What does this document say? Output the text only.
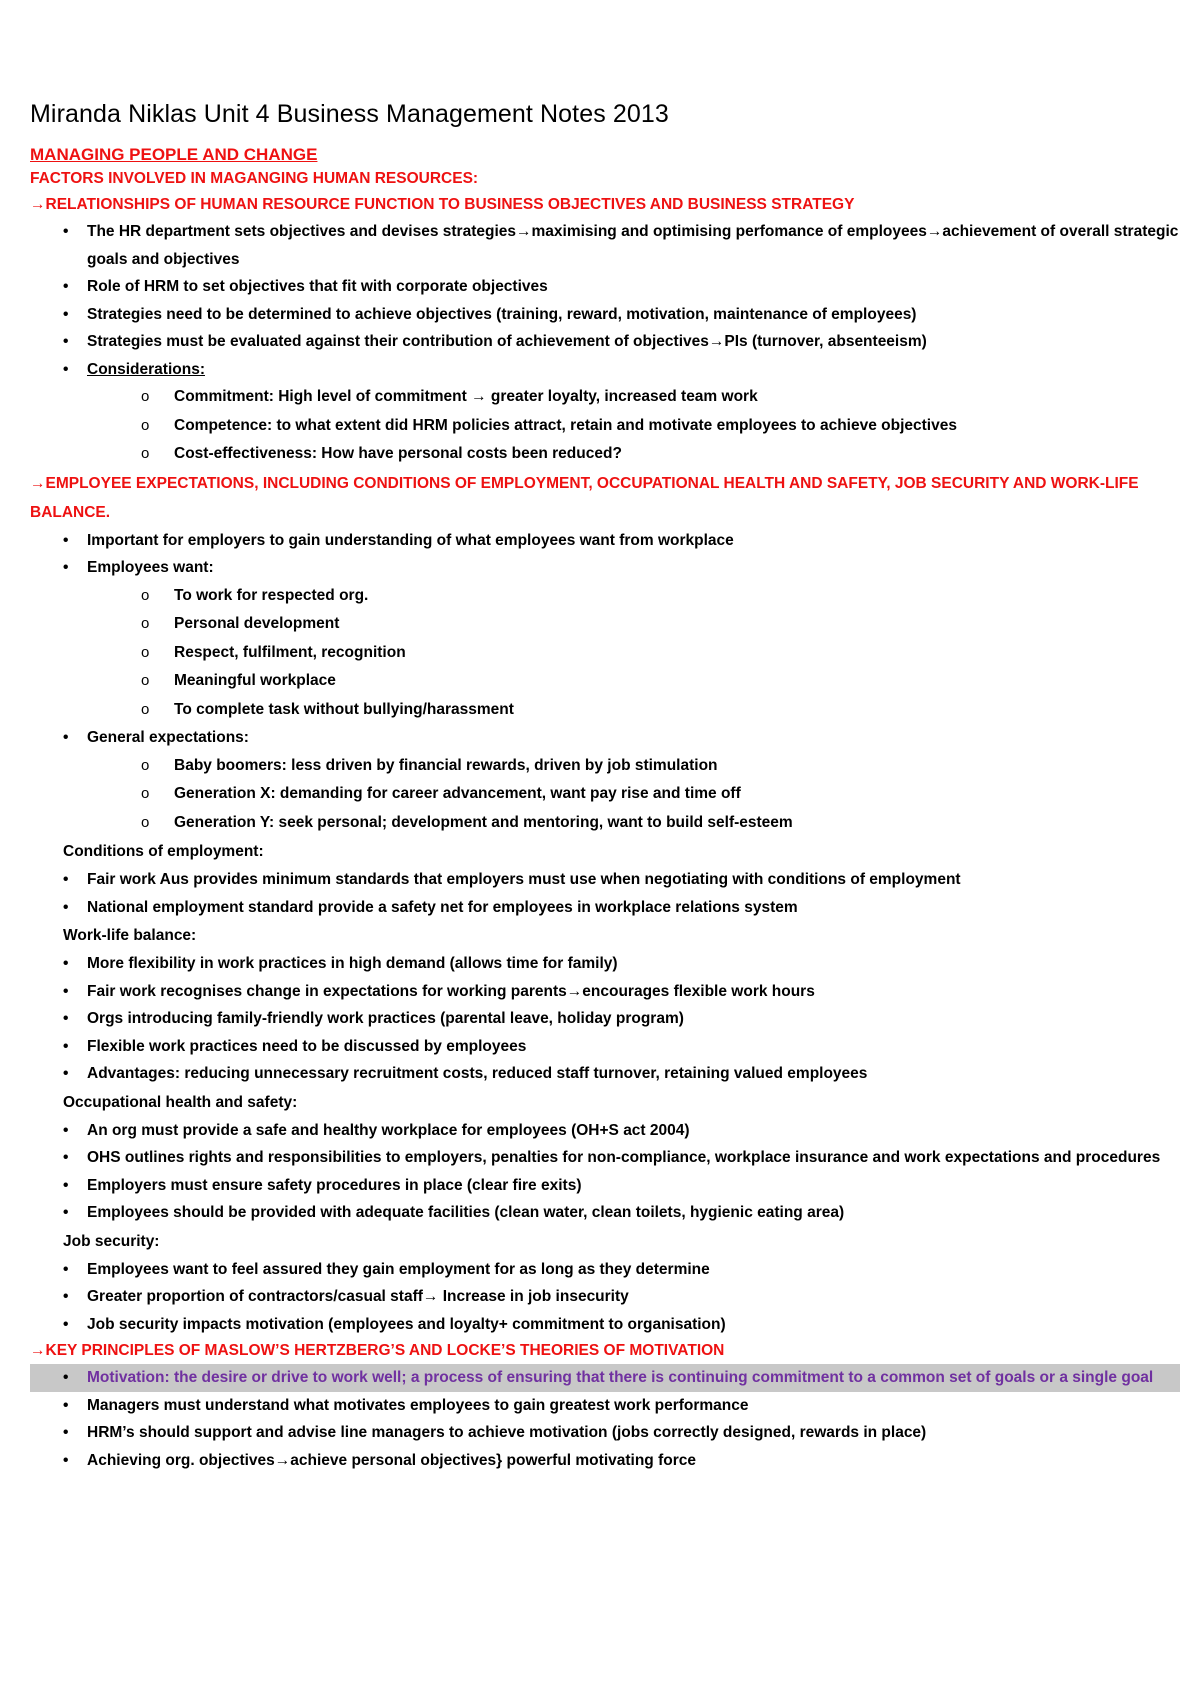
Miranda Niklas Unit 4 Business Management Notes 2013
MANAGING PEOPLE AND CHANGE
FACTORS INVOLVED IN MAGANGING HUMAN RESOURCES:
→RELATIONSHIPS OF HUMAN RESOURCE FUNCTION TO BUSINESS OBJECTIVES AND BUSINESS STRATEGY
•	The HR department sets objectives and devises strategies→maximising and optimising perfomance of employees→achievement of overall strategic goals and objectives
•	Role of HRM to set objectives that fit with corporate objectives
•	Strategies need to be determined to achieve objectives (training, reward, motivation, maintenance of employees)
•	Strategies must be evaluated against their contribution of achievement of objectives→PIs (turnover, absenteeism)
•	Considerations:
o Commitment: High level of commitment → greater loyalty, increased team work
o Competence: to what extent did HRM policies attract, retain and motivate employees to achieve objectives
o Cost-effectiveness: How have personal costs been reduced?
→EMPLOYEE EXPECTATIONS, INCLUDING CONDITIONS OF EMPLOYMENT, OCCUPATIONAL HEALTH AND SAFETY, JOB SECURITY AND WORK-LIFE BALANCE.
•	Important for employers to gain understanding of what employees want from workplace
•	Employees want:
o To work for respected org.
o Personal development
o Respect, fulfilment, recognition
o Meaningful workplace
o To complete task without bullying/harassment
•	General expectations:
o Baby boomers: less driven by financial rewards, driven by job stimulation
o Generation X: demanding for career advancement, want pay rise and time off
o Generation Y: seek personal; development and mentoring, want to build self-esteem
Conditions of employment:
•	Fair work Aus provides minimum standards that employers must use when negotiating with conditions of employment
•	National employment standard provide a safety net for employees in workplace relations system
Work-life balance:
•	More flexibility in work practices in high demand (allows time for family)
•	Fair work recognises change in expectations for working parents→encourages flexible work hours
•	Orgs introducing family-friendly work practices (parental leave, holiday program)
•	Flexible work practices need to be discussed by employees
•	Advantages: reducing unnecessary recruitment costs, reduced staff turnover, retaining valued employees
Occupational health and safety:
•	An org must provide a safe and healthy workplace for employees (OH+S act 2004)
•	OHS outlines rights and responsibilities to employers, penalties for non-compliance, workplace insurance and work expectations and procedures
•	Employers must ensure safety procedures in place (clear fire exits)
•	Employees should be provided with adequate facilities (clean water, clean toilets, hygienic eating area)
Job security:
•	Employees want to feel assured they gain employment for as long as they determine
•	Greater proportion of contractors/casual staff→ Increase in job insecurity
•	Job security impacts motivation (employees and loyalty+ commitment to organisation)
→KEY PRINCIPLES OF MASLOW’S HERTZBERG’S AND LOCKE’S THEORIES OF MOTIVATION
•	Motivation: the desire or drive to work well; a process of ensuring that there is continuing commitment to a common set of goals or a single goal
•	Managers must understand what motivates employees to gain greatest work performance
•	HRM’s should support and advise line managers to achieve motivation (jobs correctly designed, rewards in place)
•	Achieving org. objectives→achieve personal objectives} powerful motivating force
